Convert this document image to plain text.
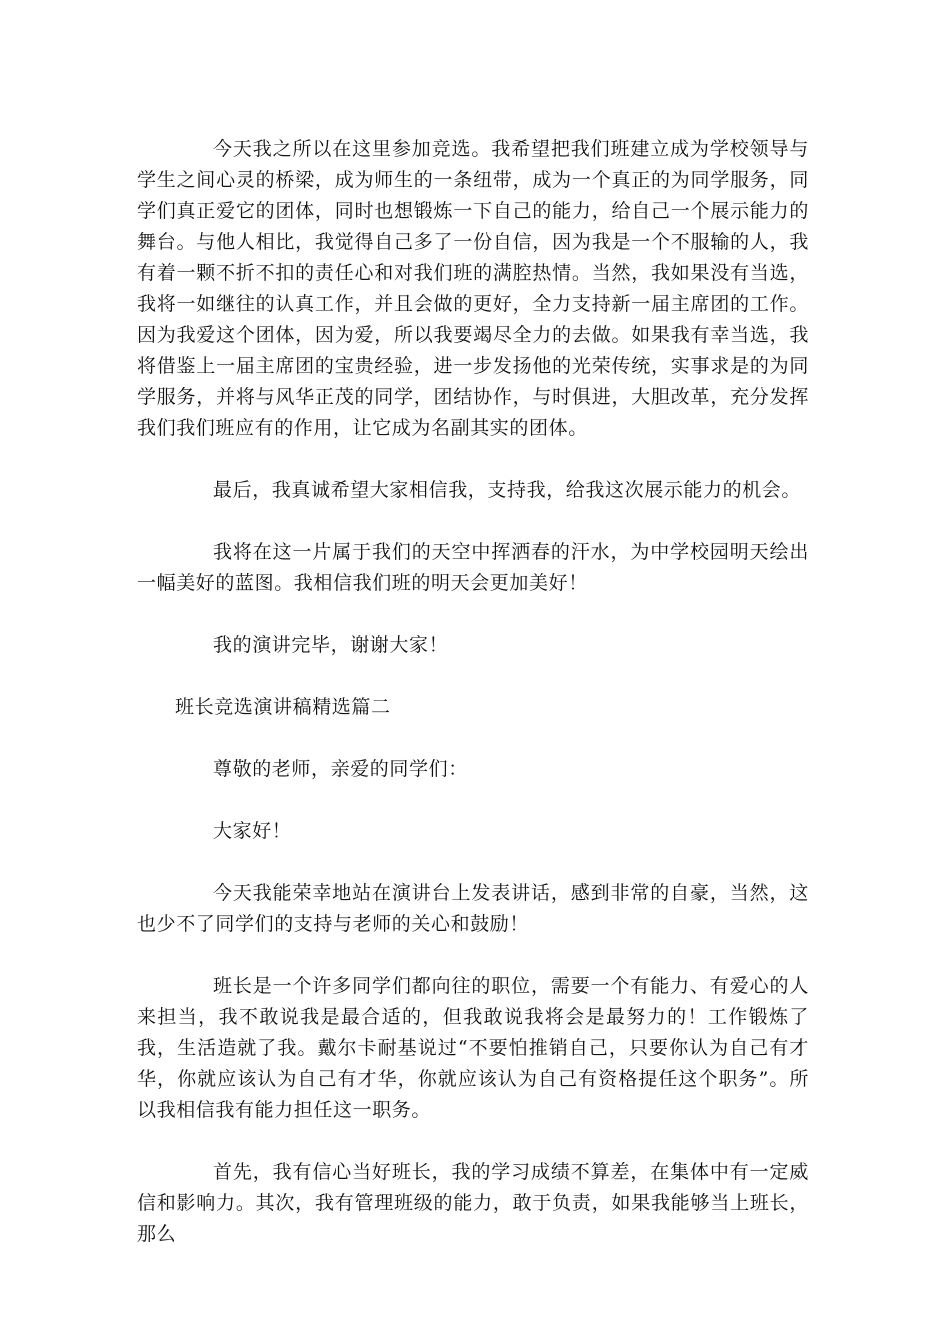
今天我之所以在这里参加竞选。我希望把我们班建立成为学校领导与学生之间心灵的桥梁，成为师生的一条纽带，成为一个真正的为同学服务，同学们真正爱它的团体，同时也想锻炼一下自己的能力，给自己一个展示能力的舞台。与他人相比，我觉得自己多了一份自信，因为我是一个不服输的人，我有着一颗不折不扣的责任心和对我们班的满腔热情。当然，我如果没有当选，我将一如继往的认真工作，并且会做的更好，全力支持新一届主席团的工作。因为我爱这个团体，因为爱，所以我要竭尽全力的去做。如果我有幸当选，我将借鉴上一届主席团的宝贵经验，进一步发扬他的光荣传统，实事求是的为同学服务，并将与风华正茂的同学，团结协作，与时俱进，大胆改革，充分发挥我们我们班应有的作用，让它成为名副其实的团体。

最后，我真诚希望大家相信我，支持我，给我这次展示能力的机会。

我将在这一片属于我们的天空中挥洒春的汗水，为中学校园明天绘出一幅美好的蓝图。我相信我们班的明天会更加美好！

我的演讲完毕，谢谢大家！

班长竞选演讲稿精选篇二

尊敬的老师，亲爱的同学们：

大家好！

今天我能荣幸地站在演讲台上发表讲话，感到非常的自豪，当然，这也少不了同学们的支持与老师的关心和鼓励！

班长是一个许多同学们都向往的职位，需要一个有能力、有爱心的人来担当，我不敢说我是最合适的，但我敢说我将会是最努力的！工作锻炼了我，生活造就了我。戴尔卡耐基说过“不要怕推销自己，只要你认为自己有才华，你就应该认为自己有才华，你就应该认为自己有资格提任这个职务”。所以我相信我有能力担任这一职务。

首先，我有信心当好班长，我的学习成绩不算差，在集体中有一定威信和影响力。其次，我有管理班级的能力，敢于负责，如果我能够当上班长，那么
